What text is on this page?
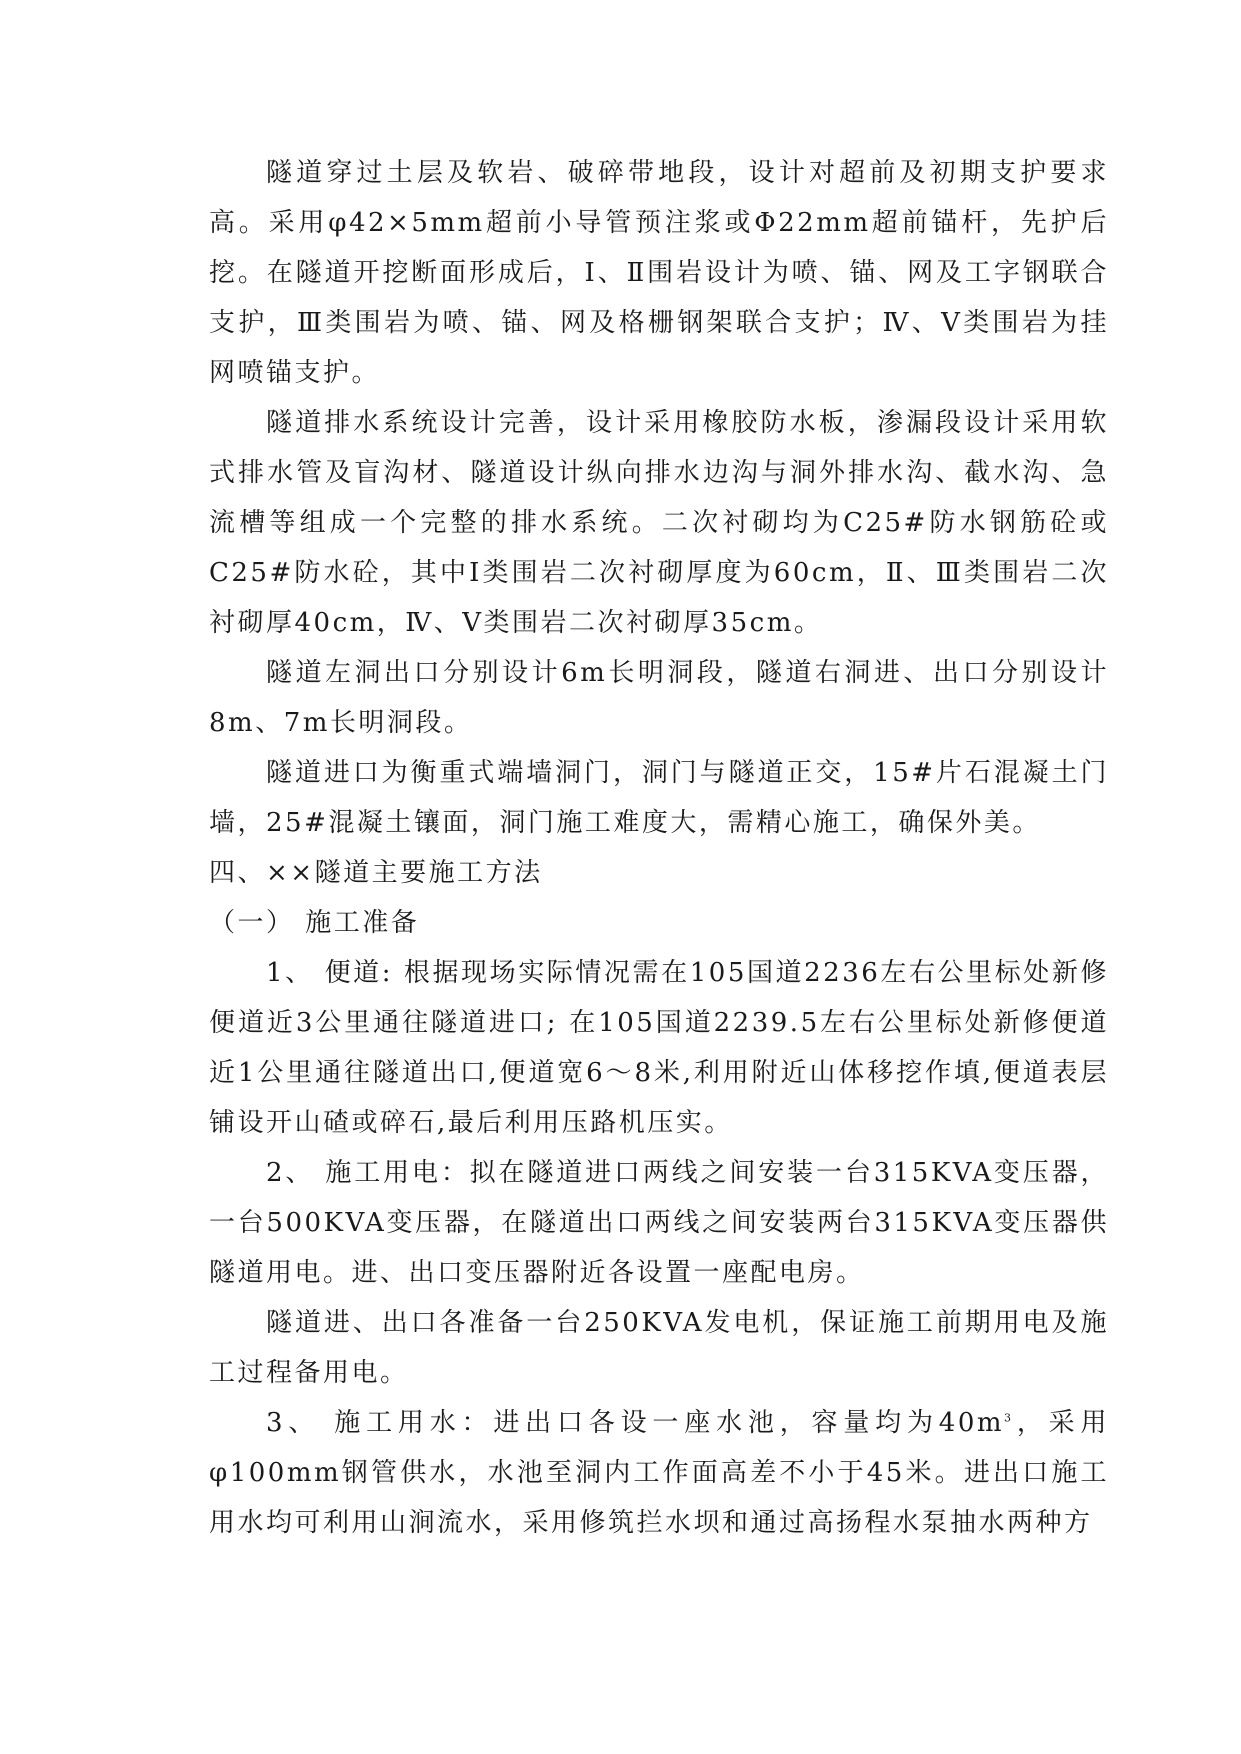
隧道穿过土层及软岩、破碎带地段，设计对超前及初期支护要求高。采用φ42×5mm超前小导管预注浆或Φ22mm超前锚杆，先护后挖。在隧道开挖断面形成后，Ⅰ、Ⅱ围岩设计为喷、锚、网及工字钢联合支护，Ⅲ类围岩为喷、锚、网及格栅钢架联合支护；Ⅳ、Ⅴ类围岩为挂网喷锚支护。

隧道排水系统设计完善，设计采用橡胶防水板，渗漏段设计采用软式排水管及盲沟材、隧道设计纵向排水边沟与洞外排水沟、截水沟、急流槽等组成一个完整的排水系统。二次衬砌均为C25#防水钢筋砼或C25#防水砼，其中Ⅰ类围岩二次衬砌厚度为60cm，Ⅱ、Ⅲ类围岩二次衬砌厚40cm，Ⅳ、Ⅴ类围岩二次衬砌厚35cm。

隧道左洞出口分别设计6m长明洞段，隧道右洞进、出口分别设计8m、7m长明洞段。

隧道进口为衡重式端墙洞门，洞门与隧道正交，15#片石混凝土门墙，25#混凝土镶面，洞门施工难度大，需精心施工，确保外美。

四、××隧道主要施工方法

（一） 施工准备

1、 便道: 根据现场实际情况需在105国道2236左右公里标处新修便道近3公里通往隧道进口; 在105国道2239.5左右公里标处新修便道近1公里通往隧道出口,便道宽6～8米,利用附近山体移挖作填,便道表层铺设开山碴或碎石,最后利用压路机压实。

2、 施工用电：拟在隧道进口两线之间安装一台315KVA变压器，一台500KVA变压器，在隧道出口两线之间安装两台315KVA变压器供隧道用电。进、出口变压器附近各设置一座配电房。

隧道进、出口各准备一台250KVA发电机，保证施工前期用电及施工过程备用电。

3、 施工用水：进出口各设一座水池，容量均为$40m^3$，采用φ100mm钢管供水，水池至洞内工作面高差不小于45米。进出口施工用水均可利用山涧流水，采用修筑拦水坝和通过高扬程水泵抽水两种方
